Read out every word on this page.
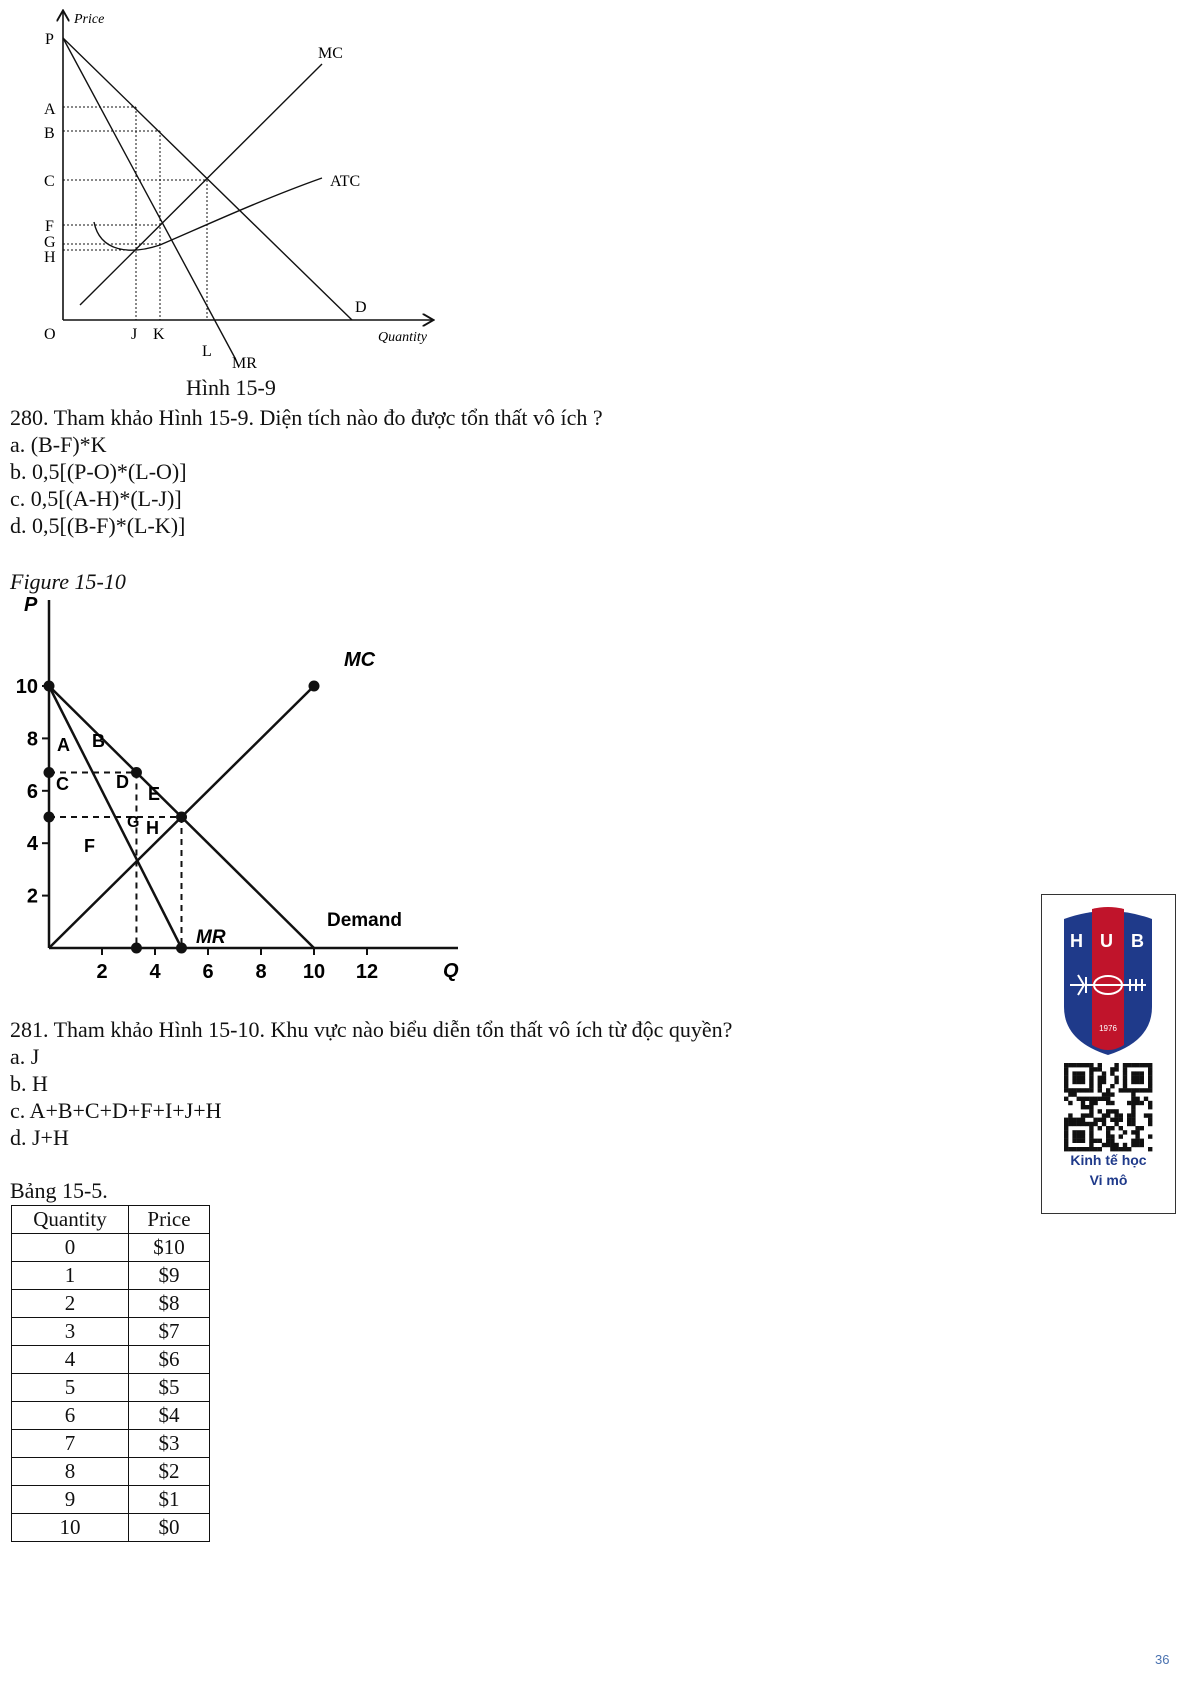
Price
Quantity
P
A
B
C
F
G
H
O	J K
L
MC
ATC
D
MR
Hình 15-9
280. Tham khảo Hình 15-9. Diện tích nào đo được tổn thất vô ích ?
a. (B-F)*K
b. 0,5[(P-O)*(L-O)]
c. 0,5[(A-H)*(L-J)]
d. 0,5[(B-F)*(L-K)]
Figure 15-10
2 4 6 8 10 12
2
4
6
8
10
P
Q
A B
C	D
E
G H
F
MC
MR
Demand
281. Tham khảo Hình 15-10. Khu vực nào biểu diễn tổn thất vô ích từ độc quyền?
a. J
b. H
c. A+B+C+D+F+I+J+H
d. J+H
Bảng 15-5.
Quantity	Price
0	$10
1	$9
2	$8
3	$7
4	$6
5	$5
6	$4
7	$3
8	$2
9	$1
10	$0
H U B
1976
Kinh tế học
Vi mô
36
